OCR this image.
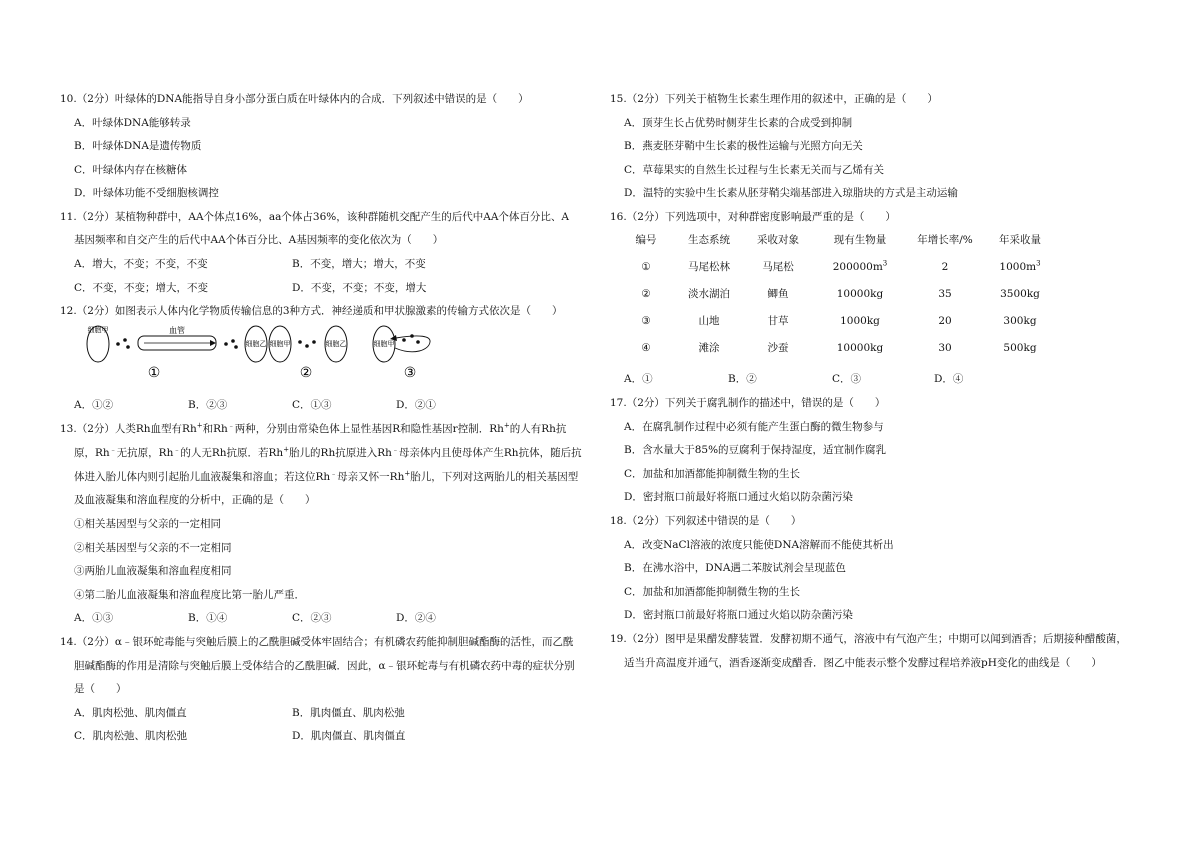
10.（2分）叶绿体的DNA能指导自身小部分蛋白质在叶绿体内的合成．下列叙述中错误的是（　　）
A．叶绿体DNA能够转录
B．叶绿体DNA是遗传物质
C．叶绿体内存在核糖体
D．叶绿体功能不受细胞核调控
11.（2分）某植物种群中，AA个体点16%，aa个体占36%，该种群随机交配产生的后代中AA个体百分比、A
基因频率和自交产生的后代中AA个体百分比、A基因频率的变化依次为（　　）
A．增大，不变；不变，不变	B．不变，增大；增大，不变
C．不变，不变；增大，不变	D．不变，不变；不变，增大
12.（2分）如图表示人体内化学物质传输信息的3种方式．神经递质和甲状腺激素的传输方式依次是（　　）
细胞甲	血管
细胞乙
①
细胞甲	细胞乙
②
细胞甲
③
A．①②	B．②③	C．①③	D．②①
13.（2分）人类Rh血型有Rh+和Rh﹣两种，分别由常染色体上显性基因R和隐性基因r控制．Rh+的人有Rh抗
原，Rh﹣无抗原，Rh﹣的人无Rh抗原．若Rh+胎儿的Rh抗原进入Rh﹣母亲体内且使母体产生Rh抗体，随后抗
体进入胎儿体内则引起胎儿血液凝集和溶血；若这位Rh﹣母亲又怀一Rh+胎儿，下列对这两胎儿的相关基因型
及血液凝集和溶血程度的分析中，正确的是（　　）
①相关基因型与父亲的一定相同
②相关基因型与父亲的不一定相同
③两胎儿血液凝集和溶血程度相同
④第二胎儿血液凝集和溶血程度比第一胎儿严重．
A．①③	B．①④	C．②③	D．②④
14.（2分）α﹣银环蛇毒能与突触后膜上的乙酰胆碱受体牢固结合；有机磷农药能抑制胆碱酯酶的活性，而乙酰
胆碱酯酶的作用是清除与突触后膜上受体结合的乙酰胆碱．因此，α﹣银环蛇毒与有机磷农药中毒的症状分别
是（　　）
A．肌肉松弛、肌肉僵直	B．肌肉僵直、肌肉松弛
C．肌肉松弛、肌肉松弛	D．肌肉僵直、肌肉僵直
15.（2分）下列关于植物生长素生理作用的叙述中，正确的是（　　）
A．顶芽生长占优势时侧芽生长素的合成受到抑制
B．燕麦胚芽鞘中生长素的极性运输与光照方向无关
C．草莓果实的自然生长过程与生长素无关而与乙烯有关
D．温特的实验中生长素从胚芽鞘尖端基部进入琼脂块的方式是主动运输
16.（2分）下列选项中，对种群密度影响最严重的是（　　）
编号	生态系统	采收对象	现有生物量	年增长率/%	年采收量
①	马尾松林	马尾松	$200000m^3$	2	$1000m^3$
②	淡水湖泊	鲫鱼	10000kg	35	3500kg
③	山地	甘草	1000kg	20	300kg
④	滩涂	沙蚕	10000kg	30	500kg
A．①	B．②	C．③	D．④
17.（2分）下列关于腐乳制作的描述中，错误的是（　　）
A．在腐乳制作过程中必须有能产生蛋白酶的微生物参与
B．含水量大于85%的豆腐利于保持湿度，适宜制作腐乳
C．加盐和加酒都能抑制微生物的生长
D．密封瓶口前最好将瓶口通过火焰以防杂菌污染
18.（2分）下列叙述中错误的是（　　）
A．改变NaCl溶液的浓度只能使DNA溶解而不能使其析出
B．在沸水浴中，DNA遇二苯胺试剂会呈现蓝色
C．加盐和加酒都能抑制微生物的生长
D．密封瓶口前最好将瓶口通过火焰以防杂菌污染
19.（2分）图甲是果醋发酵装置．发酵初期不通气，溶液中有气泡产生；中期可以闻到酒香；后期接种醋酸菌，
适当升高温度并通气，酒香逐渐变成醋香．图乙中能表示整个发酵过程培养液pH变化的曲线是（　　）
